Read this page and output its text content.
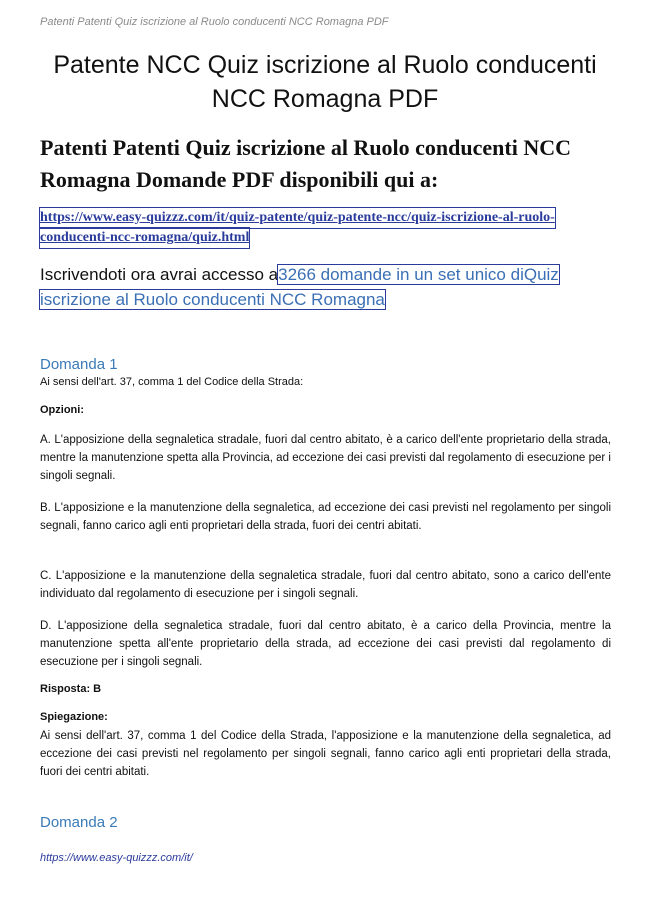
Patenti Patenti Quiz iscrizione al Ruolo conducenti NCC Romagna PDF
Patente NCC Quiz iscrizione al Ruolo conducenti
NCC Romagna PDF
Patenti Patenti Quiz iscrizione al Ruolo conducenti NCC
Romagna Domande PDF disponibili qui a:
https://www.easy-quizzz.com/it/quiz-patente/quiz-patente-ncc/quiz-iscrizione-al-ruolo-
conducenti-ncc-romagna/quiz.html
Iscrivendoti ora avrai accesso a3266 domande in un set unico diQuiz
iscrizione al Ruolo conducenti NCC Romagna
Domanda 1
Ai sensi dell'art. 37, comma 1 del Codice della Strada:
Opzioni:
A. L'apposizione della segnaletica stradale, fuori dal centro abitato, è a carico dell'ente proprietario della strada, mentre la manutenzione spetta alla Provincia, ad eccezione dei casi previsti dal regolamento di esecuzione per i singoli segnali.
B. L'apposizione e la manutenzione della segnaletica, ad eccezione dei casi previsti nel regolamento per singoli segnali, fanno carico agli enti proprietari della strada, fuori dei centri abitati.
C. L'apposizione e la manutenzione della segnaletica stradale, fuori dal centro abitato, sono a carico dell'ente individuato dal regolamento di esecuzione per i singoli segnali.
D. L'apposizione della segnaletica stradale, fuori dal centro abitato, è a carico della Provincia, mentre la manutenzione spetta all'ente proprietario della strada, ad eccezione dei casi previsti dal regolamento di esecuzione per i singoli segnali.
Risposta: B
Spiegazione:
Ai sensi dell'art. 37, comma 1 del Codice della Strada, l'apposizione e la manutenzione della segnaletica, ad eccezione dei casi previsti nel regolamento per singoli segnali, fanno carico agli enti proprietari della strada, fuori dei centri abitati.
Domanda 2
https://www.easy-quizzz.com/it/
